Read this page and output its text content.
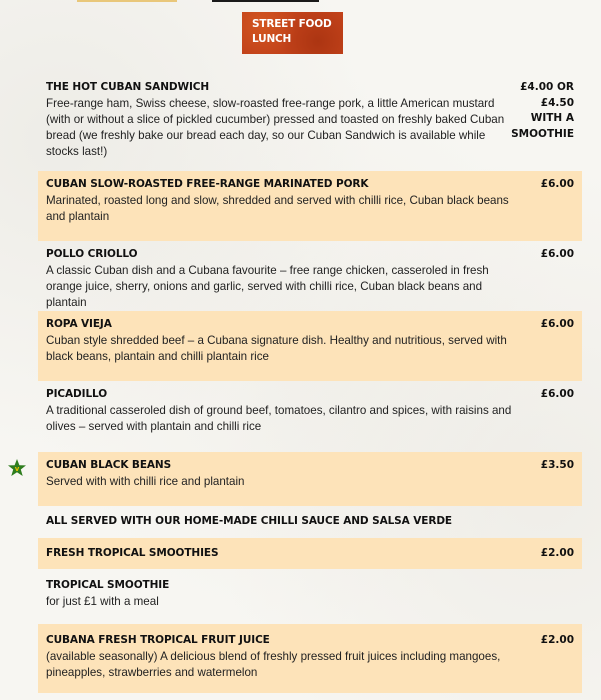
STREET FOOD
LUNCH
THE HOT CUBAN SANDWICH
Free-range ham, Swiss cheese, slow-roasted free-range pork, a little American mustard (with or without a slice of pickled cucumber) pressed and toasted on freshly baked Cuban bread (we freshly bake our bread each day, so our Cuban Sandwich is available while stocks last!)
£4.00 OR
£4.50
WITH A
SMOOTHIE
CUBAN SLOW-ROASTED FREE-RANGE MARINATED PORK
Marinated, roasted long and slow, shredded and served with chilli rice, Cuban black beans and plantain
£6.00
POLLO CRIOLLO
A classic Cuban dish and a Cubana favourite – free range chicken, casseroled in fresh orange juice, sherry, onions and garlic, served with chilli rice, Cuban black beans and plantain
£6.00
ROPA VIEJA
Cuban style shredded beef – a Cubana signature dish. Healthy and nutritious, served with black beans, plantain and chilli plantain rice
£6.00
PICADILLO
A traditional casseroled dish of ground beef, tomatoes, cilantro and spices, with raisins and olives – served with plantain and chilli rice
£6.00
v	CUBAN BLACK BEANS
Served with with chilli rice and plantain
£3.50
ALL SERVED WITH OUR HOME-MADE CHILLI SAUCE AND SALSA VERDE
FRESH TROPICAL SMOOTHIES	£2.00
TROPICAL SMOOTHIE
for just £1 with a meal
CUBANA FRESH TROPICAL FRUIT JUICE
(available seasonally) A delicious blend of freshly pressed fruit juices including mangoes, pineapples, strawberries and watermelon
£2.00
